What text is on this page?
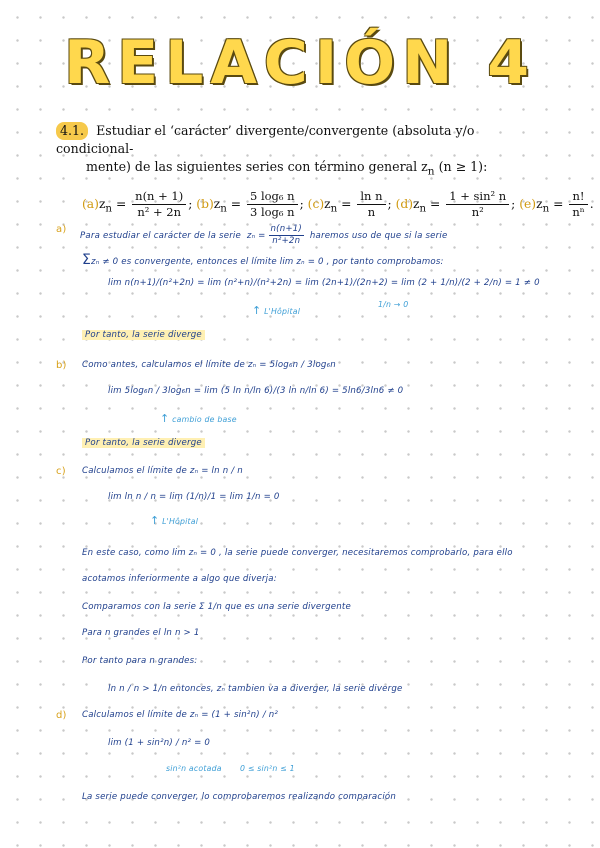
RELACIÓN 4
4.1. Estudiar el ‘carácter’ divergente/convergente (absoluta y/o condicional-
mente) de las siguientes series con término general $z_n$ (n ≥ 1):
$(a)z_n = \frac{n(n + 1)}{\text{n² + 2n}}$ ; $(b)z_n = \frac{\text{5 log₆ n}}{\text{3 log₆ n}}$ ; $(c)z_n = \frac{\text{ln n}}{n}$ ; $(d)z_n = \frac{\text{1 + sin² n}}{\text{n²}}$ ; $(e)z_n = \frac{n!}{\text{nⁿ}}$ .
a)
Para estudiar el carácter de la serie $z_n = \frac{n(n+1)}{\text{n²+2n}}$ haremos uso de que si la serie
Σzₙ ≠ 0 es convergente, entonces el límite lim zₙ = 0 , por tanto comprobamos:
lim n(n+1)/(n²+2n) = lim (n²+n)/(n²+2n) = lim (2n+1)/(2n+2) = lim (2 + 1/n)/(2 + 2/n) = 1 ≠ 0
↑ L'Hôpital
1/n → 0
Por tanto, la serie diverge
b) Como antes, calculamos el límite de zₙ = 5log₆n / 3log₆n
lim 5log₆n / 3log₆n = lim (5 ln n/ln 6)/(3 ln n/ln 6) = 5ln6/3ln6 ≠ 0
↑ cambio de base
Por tanto, la serie diverge
c) Calculamos el límite de zₙ = ln n / n
lim ln n / n = lim (1/n)/1 = lim 1/n = 0
↑ L'Hôpital
En este caso, como lim zₙ = 0 , la serie puede converger, necesitaremos comprobarlo, para ello
acotamos inferiormente a algo que diverja:
Comparamos con la serie Σ 1/n que es una serie divergente
Para n grandes el ln n > 1
Por tanto para n grandes:
ln n / n > 1/n entonces, zₙ tambien va a diverger, la serie diverge
d) Calculamos el límite de zₙ = (1 + sin²n) / n²
lim (1 + sin²n) / n² = 0
sin²n acotada 0 ≤ sin²n ≤ 1
La serie puede converger, lo comprobaremos realizando comparación
